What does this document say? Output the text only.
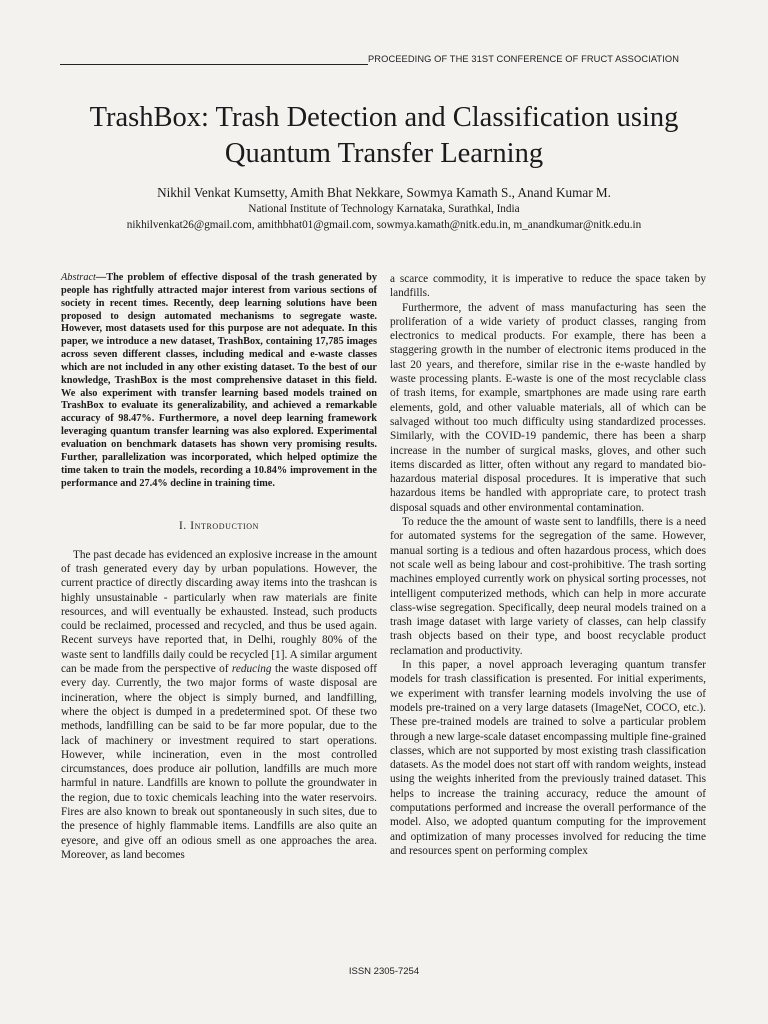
PROCEEDING OF THE 31ST CONFERENCE OF FRUCT ASSOCIATION
TrashBox: Trash Detection and Classification using Quantum Transfer Learning
Nikhil Venkat Kumsetty, Amith Bhat Nekkare, Sowmya Kamath S., Anand Kumar M.
National Institute of Technology Karnataka, Surathkal, India
nikhilvenkat26@gmail.com, amithbhat01@gmail.com, sowmya.kamath@nitk.edu.in, m_anandkumar@nitk.edu.in

Abstract—The problem of effective disposal of the trash generated by people has rightfully attracted major interest from various sections of society in recent times. Recently, deep learning solutions have been proposed to design automated mechanisms to segregate waste. However, most datasets used for this purpose are not adequate. In this paper, we introduce a new dataset, TrashBox, containing 17,785 images across seven different classes, including medical and e-waste classes which are not included in any other existing dataset. To the best of our knowledge, TrashBox is the most comprehensive dataset in this field. We also experiment with transfer learning based models trained on TrashBox to evaluate its generalizability, and achieved a remarkable accuracy of 98.47%. Furthermore, a novel deep learning framework leveraging quantum transfer learning was also explored. Experimental evaluation on benchmark datasets has shown very promising results. Further, parallelization was incorporated, which helped optimize the time taken to train the models, recording a 10.84% improvement in the performance and 27.4% decline in training time.

I. Introduction

The past decade has evidenced an explosive increase in the amount of trash generated every day by urban populations. However, the current practice of directly discarding away items into the trashcan is highly unsustainable - particularly when raw materials are finite resources, and will eventually be exhausted. Instead, such products could be reclaimed, processed and recycled, and thus be used again. Recent surveys have reported that, in Delhi, roughly 80% of the waste sent to landfills daily could be recycled [1]. A similar argument can be made from the perspective of reducing the waste disposed off every day. Currently, the two major forms of waste disposal are incineration, where the object is simply burned, and landfilling, where the object is dumped in a predetermined spot. Of these two methods, landfilling can be said to be far more popular, due to the lack of machinery or investment required to start operations. However, while incineration, even in the most controlled circumstances, does produce air pollution, landfills are much more harmful in nature. Landfills are known to pollute the groundwater in the region, due to toxic chemicals leaching into the water reservoirs. Fires are also known to break out spontaneously in such sites, due to the presence of highly flammable items. Landfills are also quite an eyesore, and give off an odious smell as one approaches the area. Moreover, as land becomes

a scarce commodity, it is imperative to reduce the space taken by landfills.

Furthermore, the advent of mass manufacturing has seen the proliferation of a wide variety of product classes, ranging from electronics to medical products. For example, there has been a staggering growth in the number of electronic items produced in the last 20 years, and therefore, similar rise in the e-waste handled by waste processing plants. E-waste is one of the most recyclable class of trash items, for example, smartphones are made using rare earth elements, gold, and other valuable materials, all of which can be salvaged without too much difficulty using standardized processes. Similarly, with the COVID-19 pandemic, there has been a sharp increase in the number of surgical masks, gloves, and other such items discarded as litter, often without any regard to mandated bio-hazardous material disposal procedures. It is imperative that such hazardous items be handled with appropriate care, to protect trash disposal squads and other environmental contamination.

To reduce the the amount of waste sent to landfills, there is a need for automated systems for the segregation of the same. However, manual sorting is a tedious and often hazardous process, which does not scale well as being labour and cost-prohibitive. The trash sorting machines employed currently work on physical sorting processes, not intelligent computerized methods, which can help in more accurate class-wise segregation. Specifically, deep neural models trained on a trash image dataset with large variety of classes, can help classify trash objects based on their type, and boost recyclable product reclamation and productivity.

In this paper, a novel approach leveraging quantum transfer models for trash classification is presented. For initial experiments, we experiment with transfer learning models involving the use of models pre-trained on a very large datasets (ImageNet, COCO, etc.). These pre-trained models are trained to solve a particular problem through a new large-scale dataset encompassing multiple fine-grained classes, which are not supported by most existing trash classification datasets. As the model does not start off with random weights, instead using the weights inherited from the previously trained dataset. This helps to increase the training accuracy, reduce the amount of computations performed and increase the overall performance of the model. Also, we adopted quantum computing for the improvement and optimization of many processes involved for reducing the time and resources spent on performing complex

ISSN 2305-7254
